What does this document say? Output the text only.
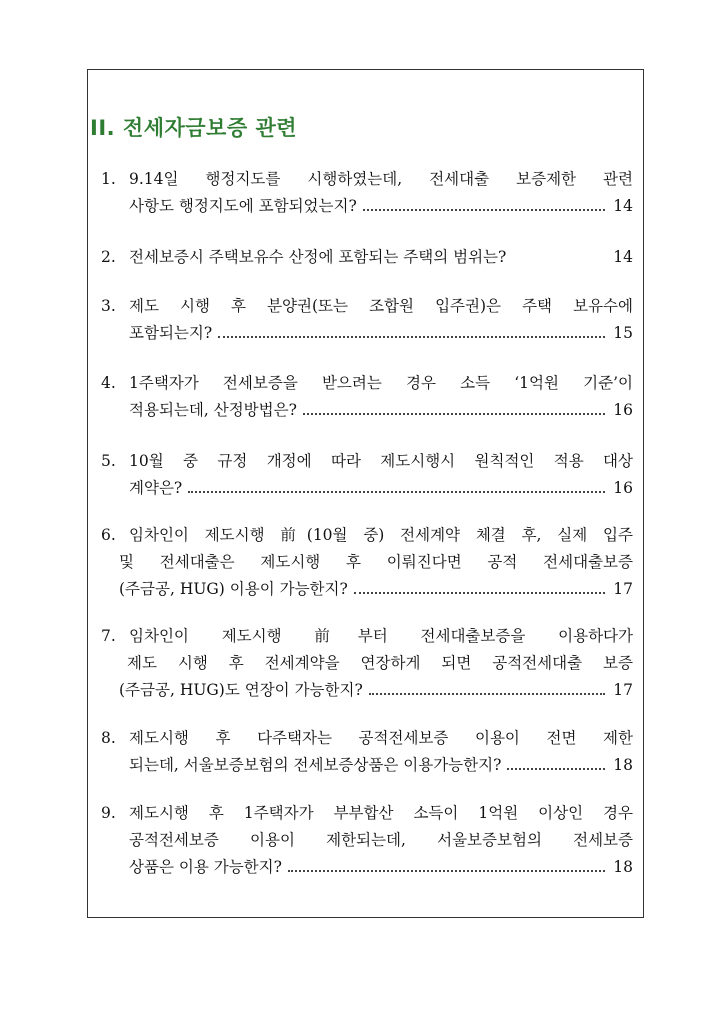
II. 전세자금보증 관련
1. 9.14일 행정지도를 시행하였는데, 전세대출 보증제한 관련
사항도 행정지도에 포함되었는지?	14
2. 전세보증시 주택보유수 산정에 포함되는 주택의 범위는?	14
3. 제도 시행 후 분양권(또는 조합원 입주권)은 주택 보유수에
포함되는지?	15
4. 1주택자가 전세보증을 받으려는 경우 소득 ‘1억원 기준’이
적용되는데, 산정방법은?	16
5. 10월 중 규정 개정에 따라 제도시행시 원칙적인 적용 대상
계약은?	16
6. 임차인이 제도시행 前(10월 중) 전세계약 체결 후, 실제 입주
및 전세대출은 제도시행 후 이뤄진다면 공적 전세대출보증
(주금공, HUG) 이용이 가능한지?	17
7. 임차인이 제도시행 前부터 전세대출보증을 이용하다가
제도 시행 후 전세계약을 연장하게 되면 공적전세대출 보증
(주금공, HUG)도 연장이 가능한지?	17
8. 제도시행 후 다주택자는 공적전세보증 이용이 전면 제한
되는데, 서울보증보험의 전세보증상품은 이용가능한지?	18
9. 제도시행 후 1주택자가 부부합산 소득이 1억원 이상인 경우
공적전세보증 이용이 제한되는데, 서울보증보험의 전세보증
상품은 이용 가능한지?	18
